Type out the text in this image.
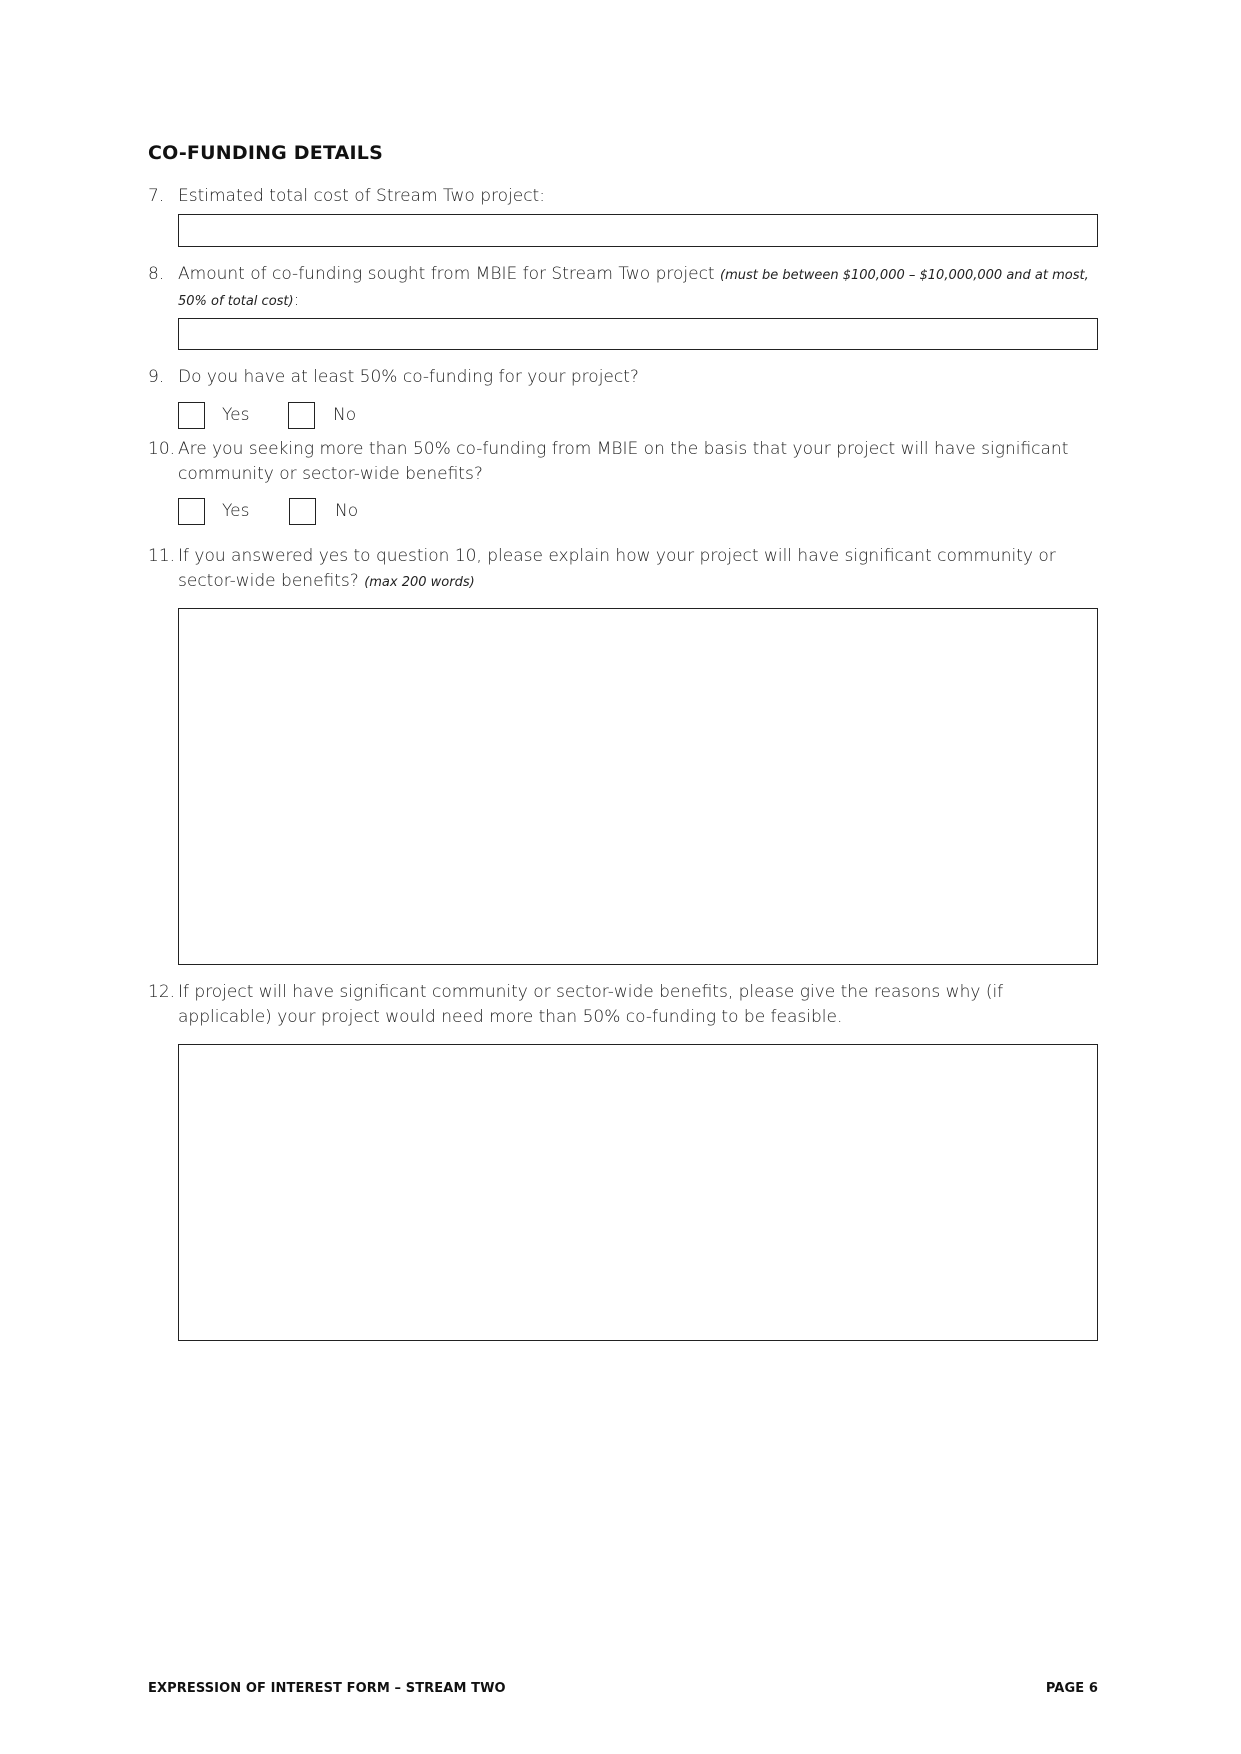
CO-FUNDING DETAILS
7. Estimated total cost of Stream Two project:
8. Amount of co-funding sought from MBIE for Stream Two project (must be between $100,000 – $10,000,000 and at most, 50% of total cost):
9. Do you have at least 50% co-funding for your project?
Yes	No
10. Are you seeking more than 50% co-funding from MBIE on the basis that your project will have significant community or sector-wide benefits?
Yes	No
11. If you answered yes to question 10, please explain how your project will have significant community or sector-wide benefits? (max 200 words)
12. If project will have significant community or sector-wide benefits, please give the reasons why (if applicable) your project would need more than 50% co-funding to be feasible.
EXPRESSION OF INTEREST FORM – STREAM TWO	PAGE 6
